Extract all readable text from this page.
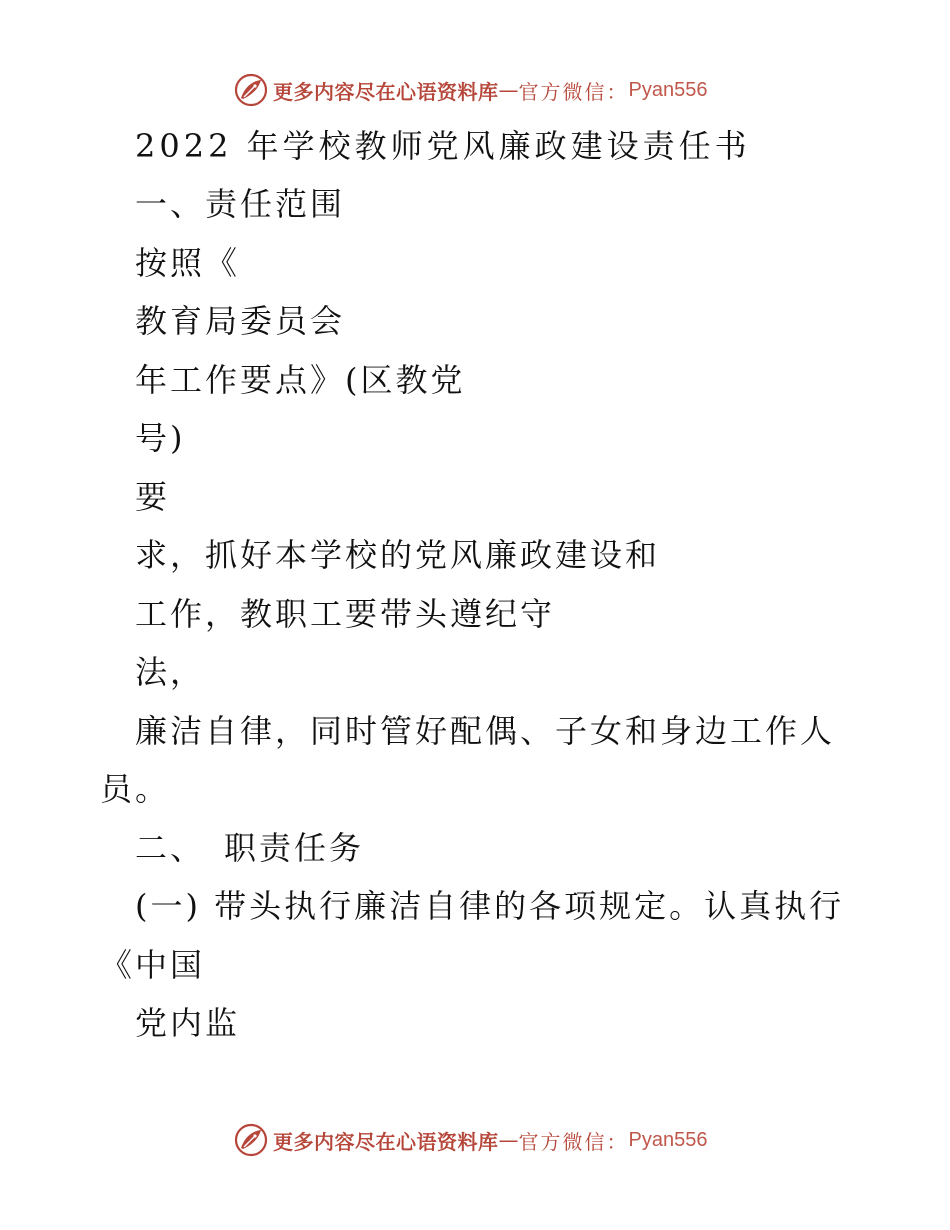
更多内容尽在心语资料库 — 官方微信： Pyan556
2022 年学校教师党风廉政建设责任书
一、责任范围
按照《
教育局委员会
年工作要点》(区教党
号)
要
求，抓好本学校的党风廉政建设和
工作，教职工要带头遵纪守
法，
廉洁自律，同时管好配偶、子女和身边工作人
员。
二、　职责任务
(一) 带头执行廉洁自律的各项规定。认真执行
《中国
党内监
更多内容尽在心语资料库 — 官方微信： Pyan556
